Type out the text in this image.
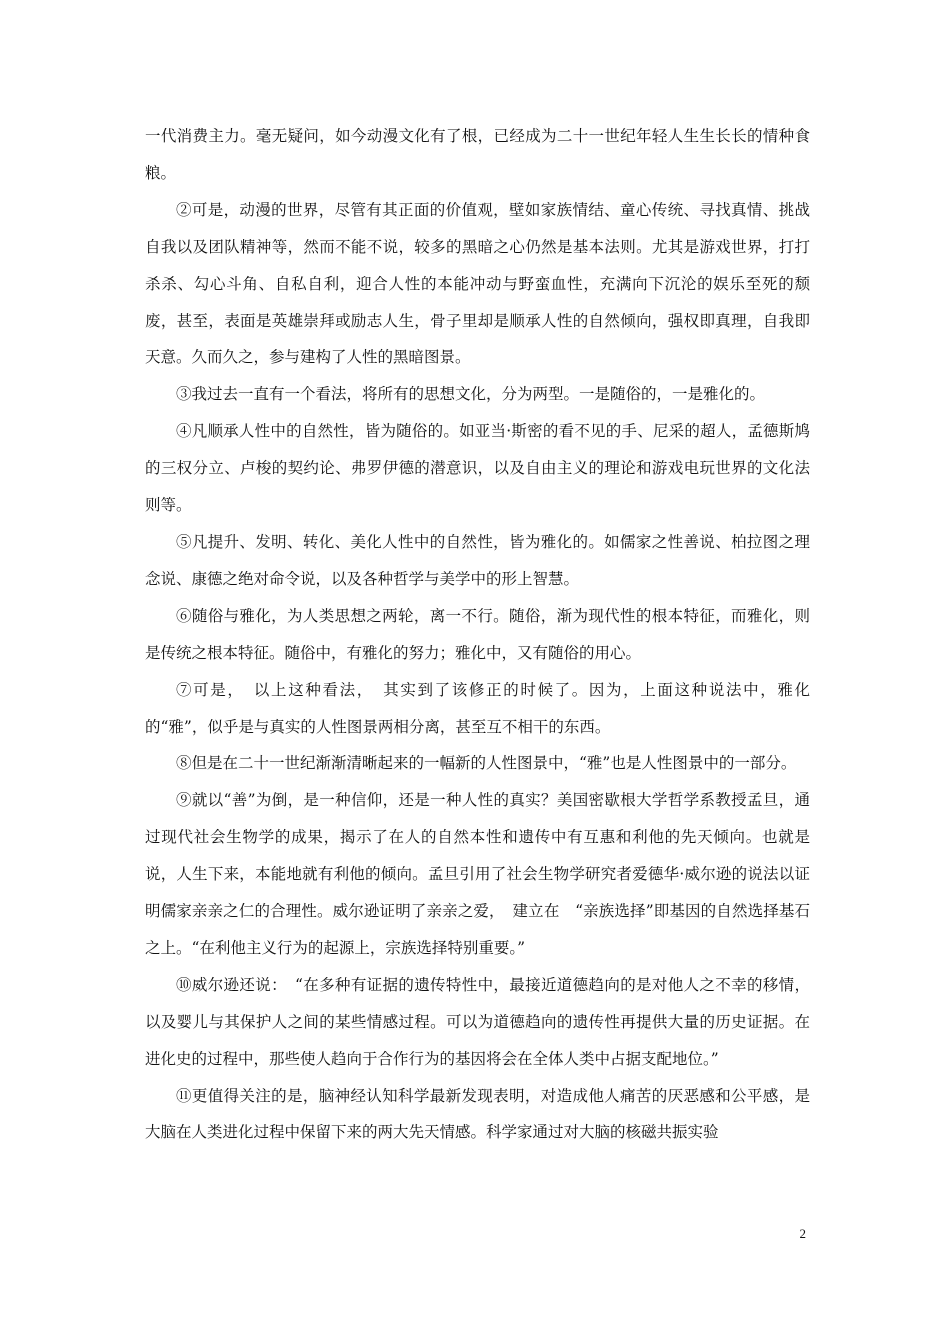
一代消费主力。毫无疑问，如今动漫文化有了根，已经成为二十一世纪年轻人生生长长的情种食粮。

②可是，动漫的世界，尽管有其正面的价值观，壁如家族情结、童心传统、寻找真情、挑战自我以及团队精神等，然而不能不说，较多的黑暗之心仍然是基本法则。尤其是游戏世界，打打杀杀、勾心斗角、自私自利，迎合人性的本能冲动与野蛮血性，充满向下沉沦的娱乐至死的颓废，甚至，表面是英雄崇拜或励志人生，骨子里却是顺承人性的自然倾向，强权即真理，自我即天意。久而久之，参与建构了人性的黑暗图景。

③我过去一直有一个看法，将所有的思想文化，分为两型。一是随俗的，一是雅化的。

④凡顺承人性中的自然性，皆为随俗的。如亚当·斯密的看不见的手、尼采的超人，孟德斯鸠的三权分立、卢梭的契约论、弗罗伊德的潜意识，以及自由主义的理论和游戏电玩世界的文化法则等。

⑤凡提升、发明、转化、美化人性中的自然性，皆为雅化的。如儒家之性善说、柏拉图之理念说、康德之绝对命令说，以及各种哲学与美学中的形上智慧。

⑥随俗与雅化，为人类思想之两轮，离一不行。随俗，渐为现代性的根本特征，而雅化，则是传统之根本特征。随俗中，有雅化的努力；雅化中，又有随俗的用心。

⑦可是，　以上这种看法，　其实到了该修正的时候了。因为，上面这种说法中，雅化的“雅”，似乎是与真实的人性图景两相分离，甚至互不相干的东西。

⑧但是在二十一世纪渐渐清晰起来的一幅新的人性图景中，“雅”也是人性图景中的一部分。

⑨就以“善”为倒，是一种信仰，还是一种人性的真实？美国密歇根大学哲学系教授孟旦，通过现代社会生物学的成果，揭示了在人的自然本性和遗传中有互惠和利他的先天倾向。也就是说，人生下来，本能地就有利他的倾向。孟旦引用了社会生物学研究者爱德华·威尔逊的说法以证明儒家亲亲之仁的合理性。威尔逊证明了亲亲之爱，　建立在　“亲族选择”即基因的自然选择基石之上。“在利他主义行为的起源上，宗族选择特别重要。”

⑩威尔逊还说：　“在多种有证据的遗传特性中，最接近道德趋向的是对他人之不幸的移情，以及婴儿与其保护人之间的某些情感过程。可以为道德趋向的遗传性再提供大量的历史证据。在进化史的过程中，那些使人趋向于合作行为的基因将会在全体人类中占据支配地位。”

⑪更值得关注的是，脑神经认知科学最新发现表明，对造成他人痛苦的厌恶感和公平感，是大脑在人类进化过程中保留下来的两大先天情感。科学家通过对大脑的核磁共振实验

2
